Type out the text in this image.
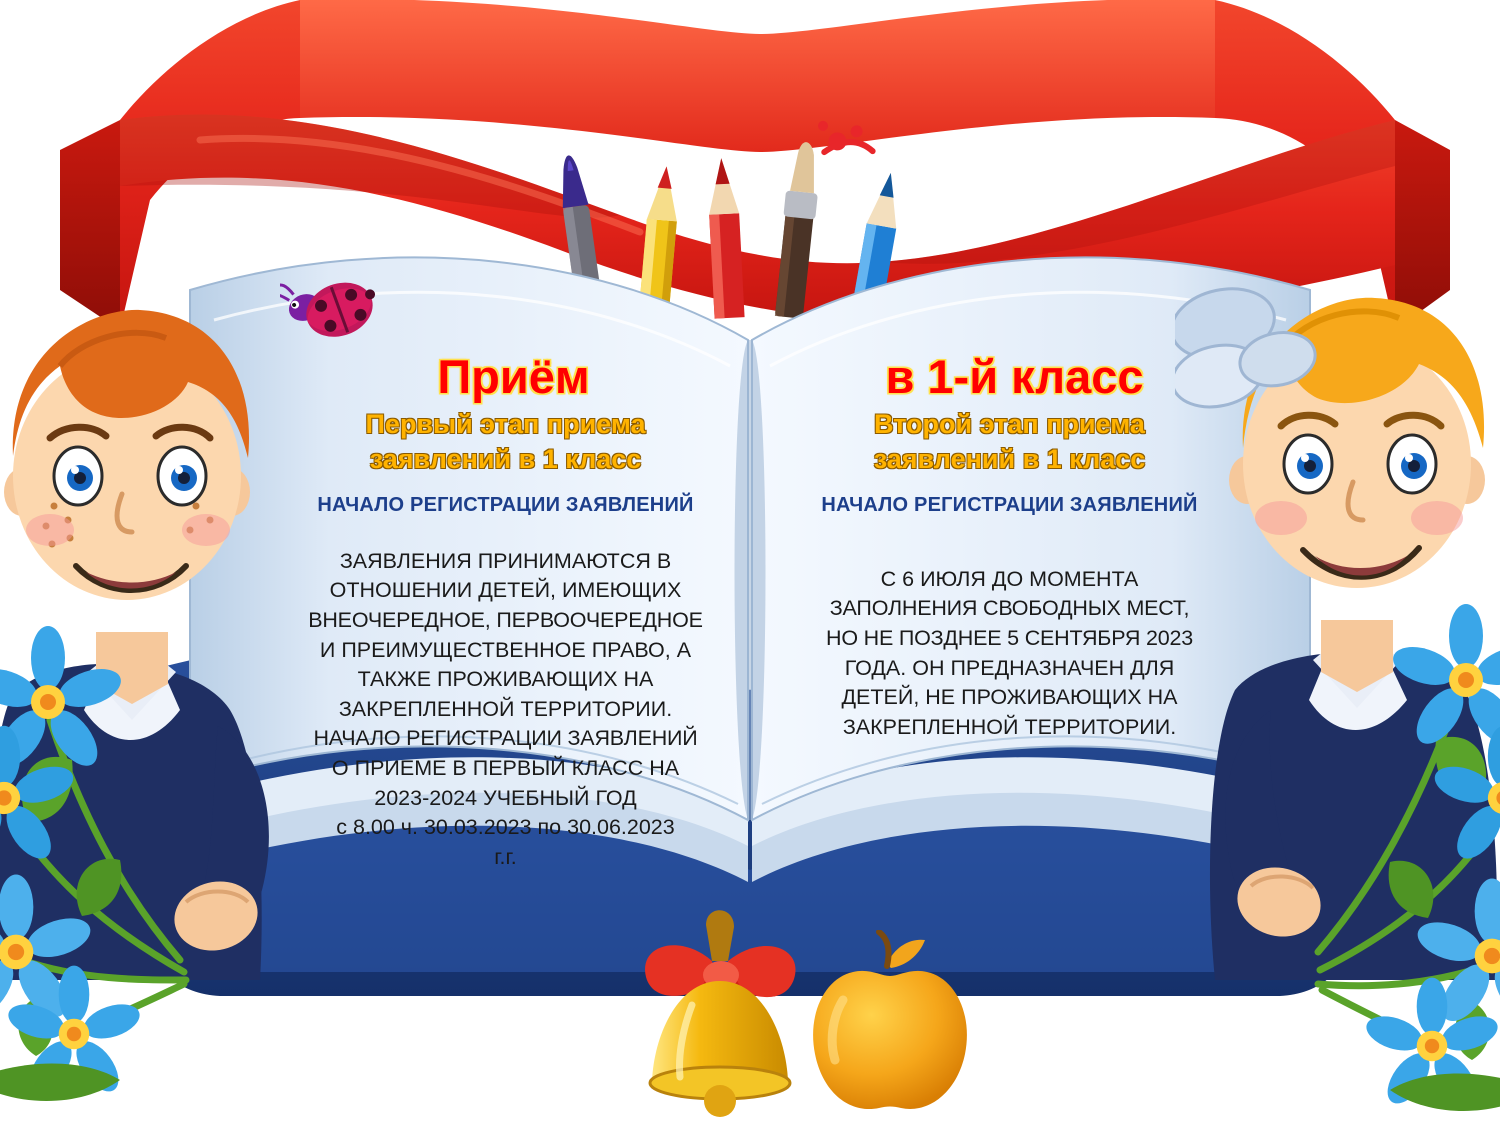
Приём
Первый этап приема
заявлений в 1 класс
НАЧАЛО РЕГИСТРАЦИИ ЗАЯВЛЕНИЙ
ЗАЯВЛЕНИЯ ПРИНИМАЮТСЯ В
ОТНОШЕНИИ ДЕТЕЙ, ИМЕЮЩИХ
ВНЕОЧЕРЕДНОЕ, ПЕРВООЧЕРЕДНОЕ
И ПРЕИМУЩЕСТВЕННОЕ ПРАВО, А
ТАКЖЕ ПРОЖИВАЮЩИХ НА
ЗАКРЕПЛЕННОЙ ТЕРРИТОРИИ.
НАЧАЛО РЕГИСТРАЦИИ ЗАЯВЛЕНИЙ
О ПРИЕМЕ В ПЕРВЫЙ КЛАСС НА
2023-2024 УЧЕБНЫЙ ГОД
с 8.00 ч. 30.03.2023 по 30.06.2023
г.г.
в 1-й класс
Второй этап приема
заявлений в 1 класс
НАЧАЛО РЕГИСТРАЦИИ ЗАЯВЛЕНИЙ
С 6 ИЮЛЯ ДО МОМЕНТА
ЗАПОЛНЕНИЯ СВОБОДНЫХ МЕСТ,
НО НЕ ПОЗДНЕЕ 5 СЕНТЯБРЯ 2023
ГОДА. ОН ПРЕДНАЗНАЧЕН ДЛЯ
ДЕТЕЙ, НЕ ПРОЖИВАЮЩИХ НА
ЗАКРЕПЛЕННОЙ ТЕРРИТОРИИ.
